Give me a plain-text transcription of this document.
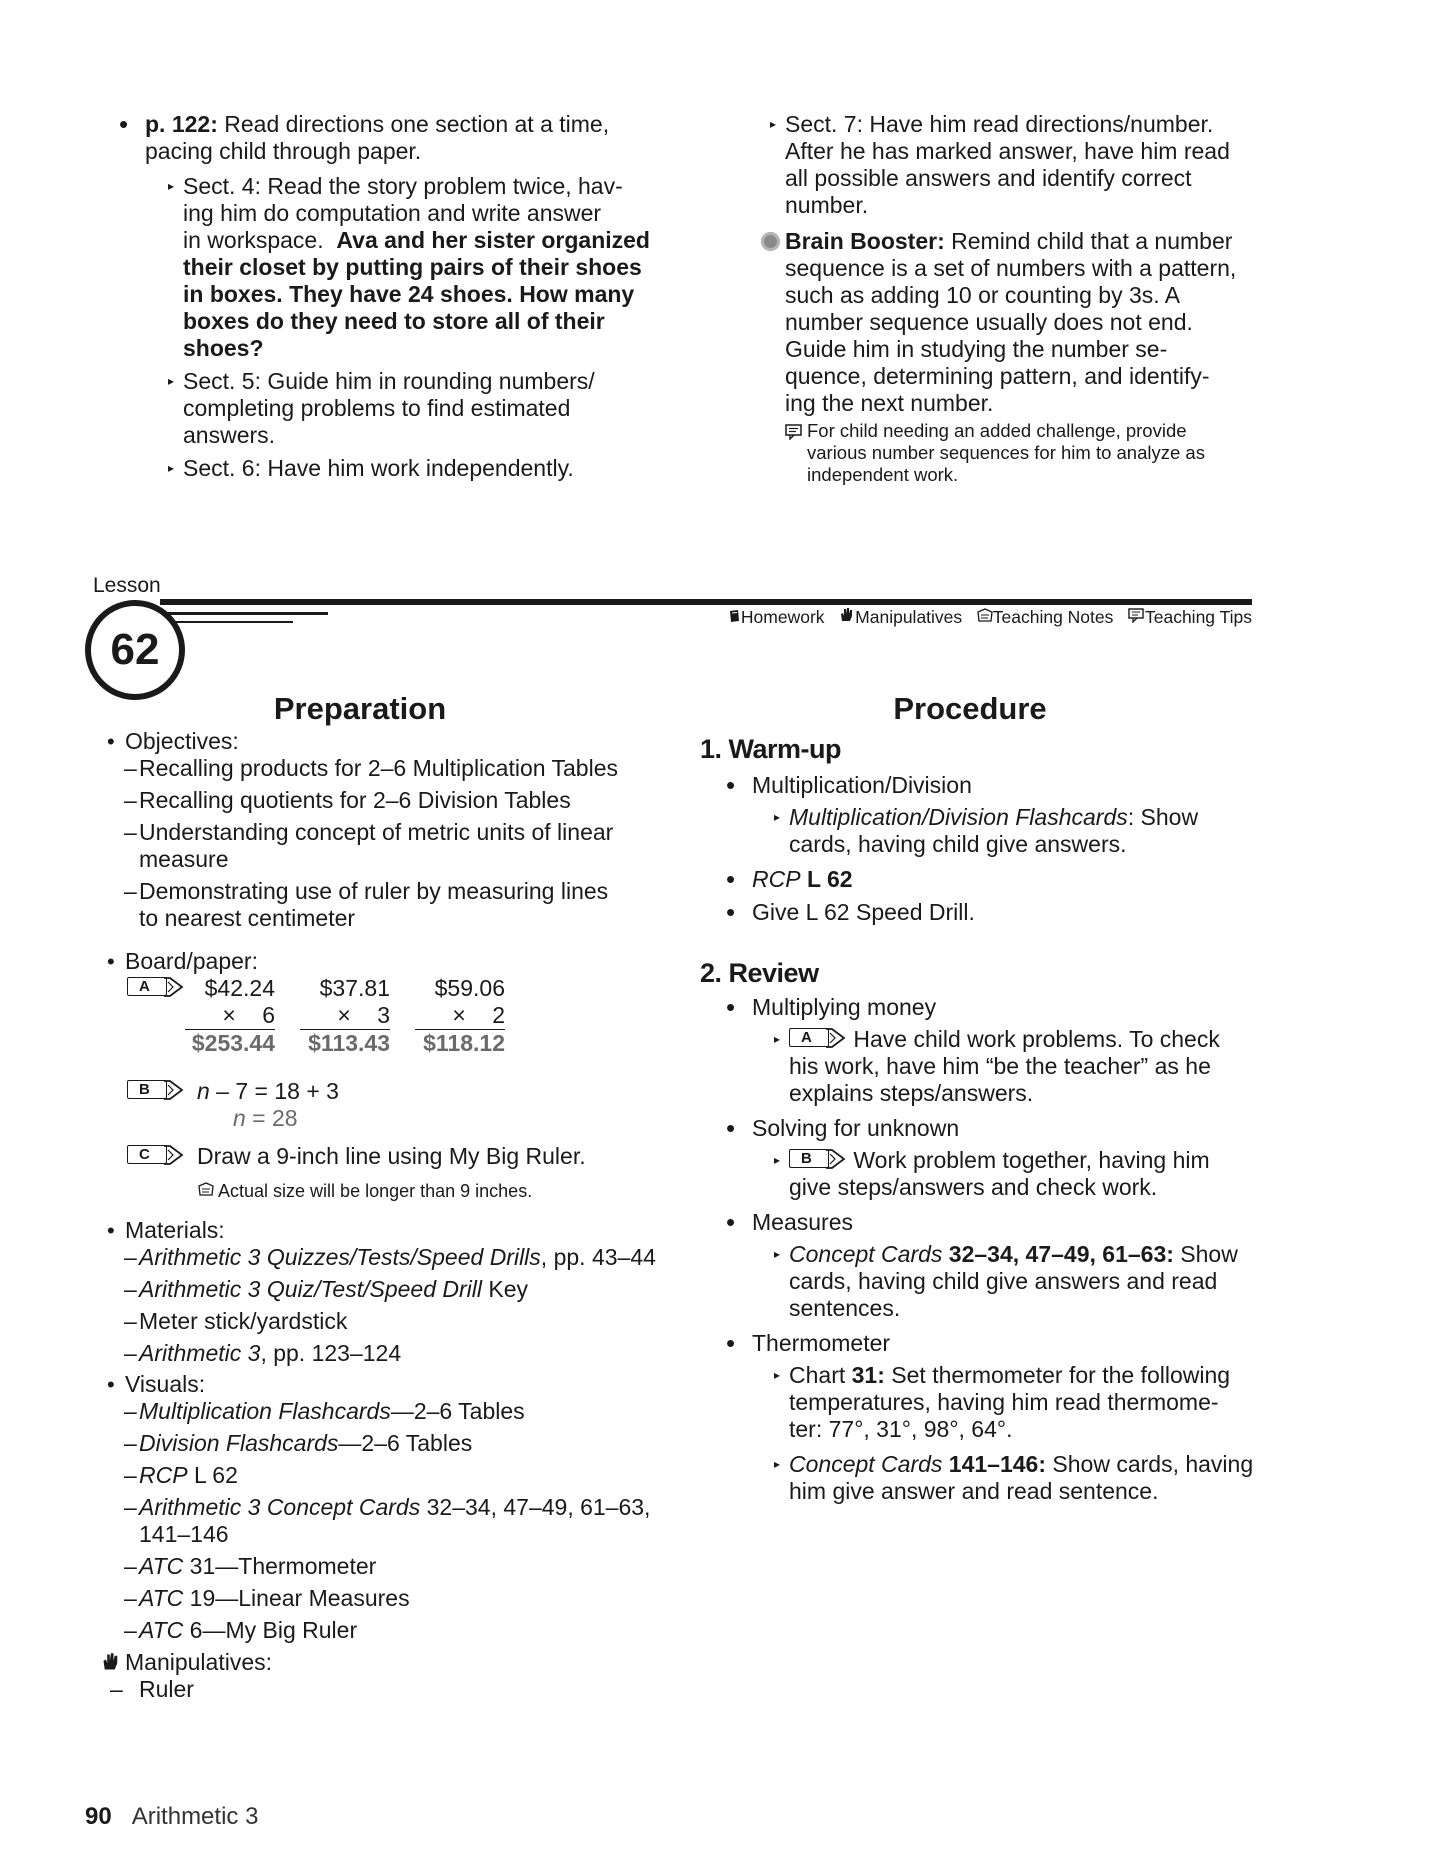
• p. 122: Read directions one section at a time, pacing child through paper.
▸ Sect. 4: Read the story problem twice, hav-
ing him do computation and write answer
in workspace. Ava and her sister organized
their closet by putting pairs of their shoes
in boxes. They have 24 shoes. How many
boxes do they need to store all of their
shoes?
▸ Sect. 5: Guide him in rounding numbers/
completing problems to find estimated
answers.
▸ Sect. 6: Have him work independently.
▸ Sect. 7: Have him read directions/number.
After he has marked answer, have him read
all possible answers and identify correct
number.
Brain Booster: Remind child that a number
sequence is a set of numbers with a pattern,
such as adding 10 or counting by 3s. A
number sequence usually does not end.
Guide him in studying the number se-
quence, determining pattern, and identify-
ing the next number.
For child needing an added challenge, provide
various number sequences for him to analyze as
independent work.
Lesson
62
Homework Manipulatives Teaching Notes Teaching Tips
Preparation
• Objectives:
– Recalling products for 2–6 Multiplication Tables
– Recalling quotients for 2–6 Division Tables
– Understanding concept of metric units of linear
measure
– Demonstrating use of ruler by measuring lines
to nearest centimeter
• Board/paper:
A	$42.24
× 6
$253.44
$37.81
× 3
$113.43
$59.06
× 2
$118.12
B n – 7 = 18 + 3
n = 28
C Draw a 9-inch line using My Big Ruler.
Actual size will be longer than 9 inches.
• Materials:
– Arithmetic 3 Quizzes/Tests/Speed Drills, pp. 43–44
– Arithmetic 3 Quiz/Test/Speed Drill Key
– Meter stick/yardstick
– Arithmetic 3, pp. 123–124
• Visuals:
– Multiplication Flashcards—2–6 Tables
– Division Flashcards—2–6 Tables
– RCP L 62
– Arithmetic 3 Concept Cards 32–34, 47–49, 61–63,
141–146
– ATC 31—Thermometer
– ATC 19—Linear Measures
– ATC 6—My Big Ruler
Manipulatives:
– Ruler
Procedure
1. Warm-up
• Multiplication/Division
▸ Multiplication/Division Flashcards: Show
cards, having child give answers.
• RCP L 62
• Give L 62 Speed Drill.
2. Review
• Multiplying money
▸ A Have child work problems. To check
his work, have him “be the teacher” as he
explains steps/answers.
• Solving for unknown
▸ B Work problem together, having him
give steps/answers and check work.
• Measures
▸ Concept Cards 32–34, 47–49, 61–63: Show
cards, having child give answers and read
sentences.
• Thermometer
▸ Chart 31: Set thermometer for the following
temperatures, having him read thermome-
ter: 77°, 31°, 98°, 64°.
▸ Concept Cards 141–146: Show cards, having
him give answer and read sentence.
90 Arithmetic 3
